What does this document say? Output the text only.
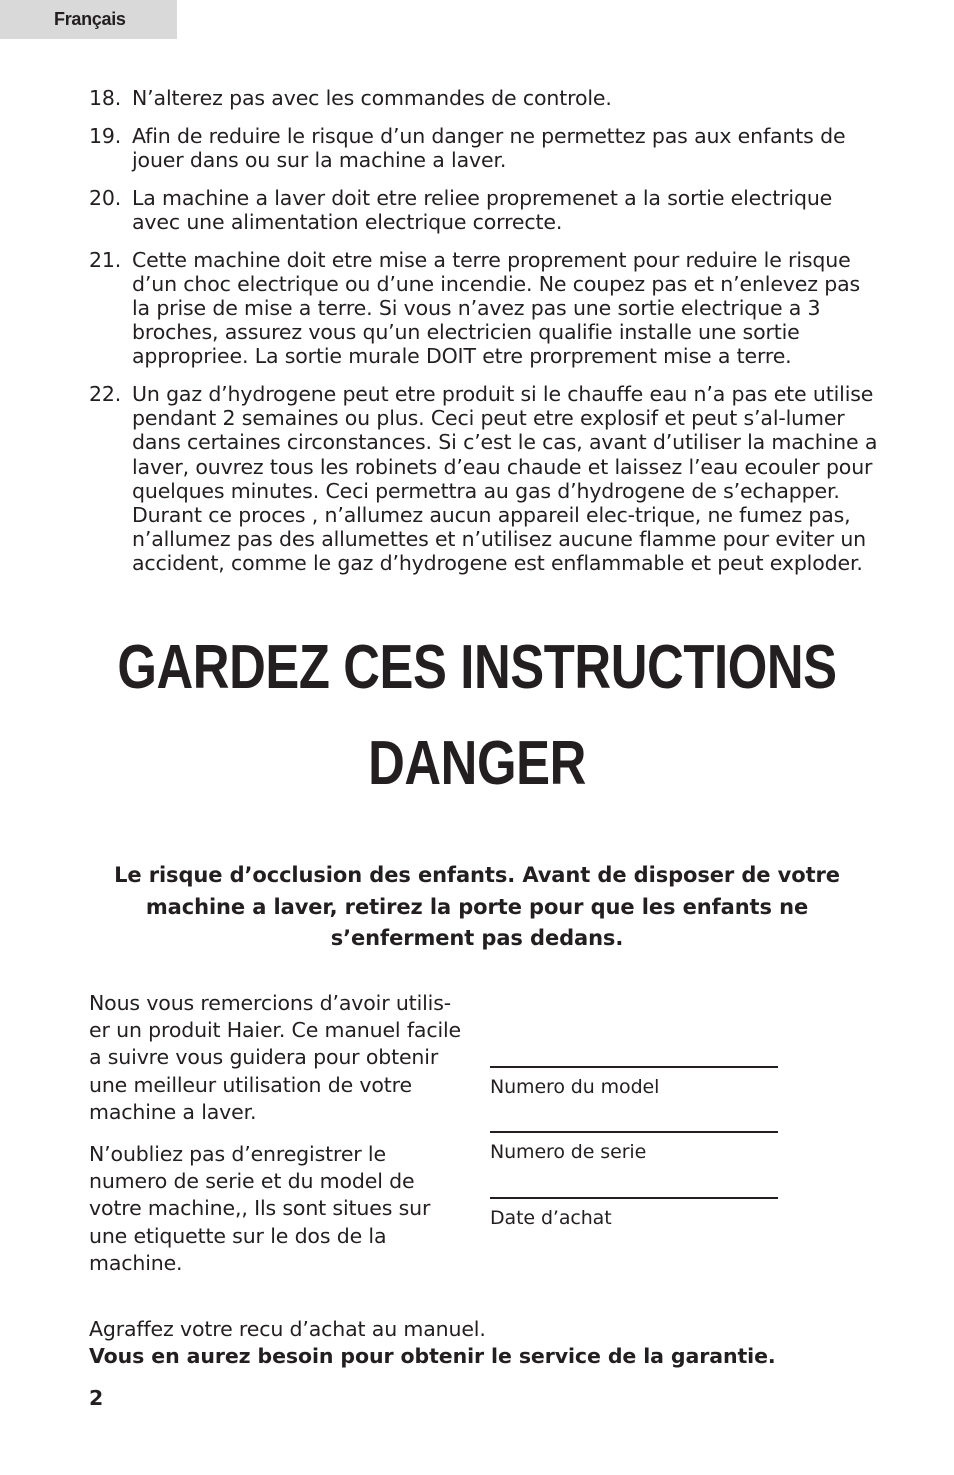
Français
18. N’alterez pas avec les commandes de controle.
19. Afin de reduire le risque d’un danger ne permettez pas aux enfants de jouer dans ou sur la machine a laver.
20. La machine a laver doit etre reliee propremenet a la sortie electrique avec une alimentation electrique correcte.
21. Cette machine doit etre mise a terre proprement pour reduire le risque d’un choc electrique ou d’une incendie. Ne coupez pas et n’enlevez pas la prise de mise a terre. Si vous n’avez pas une sortie electrique a 3 broches, assurez vous qu’un electricien qualifie installe une sortie appropriee. La sortie murale DOIT etre prorprement mise a terre.
22. Un gaz d’hydrogene peut etre produit si le chauffe eau n’a pas ete utilise pendant 2 semaines ou plus. Ceci peut etre explosif et peut s’al-lumer dans certaines circonstances. Si c’est le cas, avant d’utiliser la machine a laver, ouvrez tous les robinets d’eau chaude et laissez l’eau ecouler pour quelques minutes. Ceci permettra au gas d’hydrogene de s’echapper. Durant ce proces , n’allumez aucun appareil elec-trique, ne fumez pas, n’allumez pas des allumettes et n’utilisez aucune flamme pour eviter un accident, comme le gaz d’hydrogene est enflammable et peut exploder.
GARDEZ CES INSTRUCTIONS
DANGER
Le risque d’occlusion des enfants. Avant de disposer de votre machine a laver, retirez la porte pour que les enfants ne s’enferment pas dedans.

Nous vous remercions d’avoir utilis-er un produit Haier. Ce manuel facile a suivre vous guidera pour obtenir une meilleur utilisation de votre machine a laver.

N’oubliez pas d’enregistrer le numero de serie et du model de votre machine,, Ils sont situes sur une etiquette sur le dos de la machine.

Numero du model
Numero de serie
Date d’achat
Agraffez votre recu d’achat au manuel.
Vous en aurez besoin pour obtenir le service de la garantie.
2
